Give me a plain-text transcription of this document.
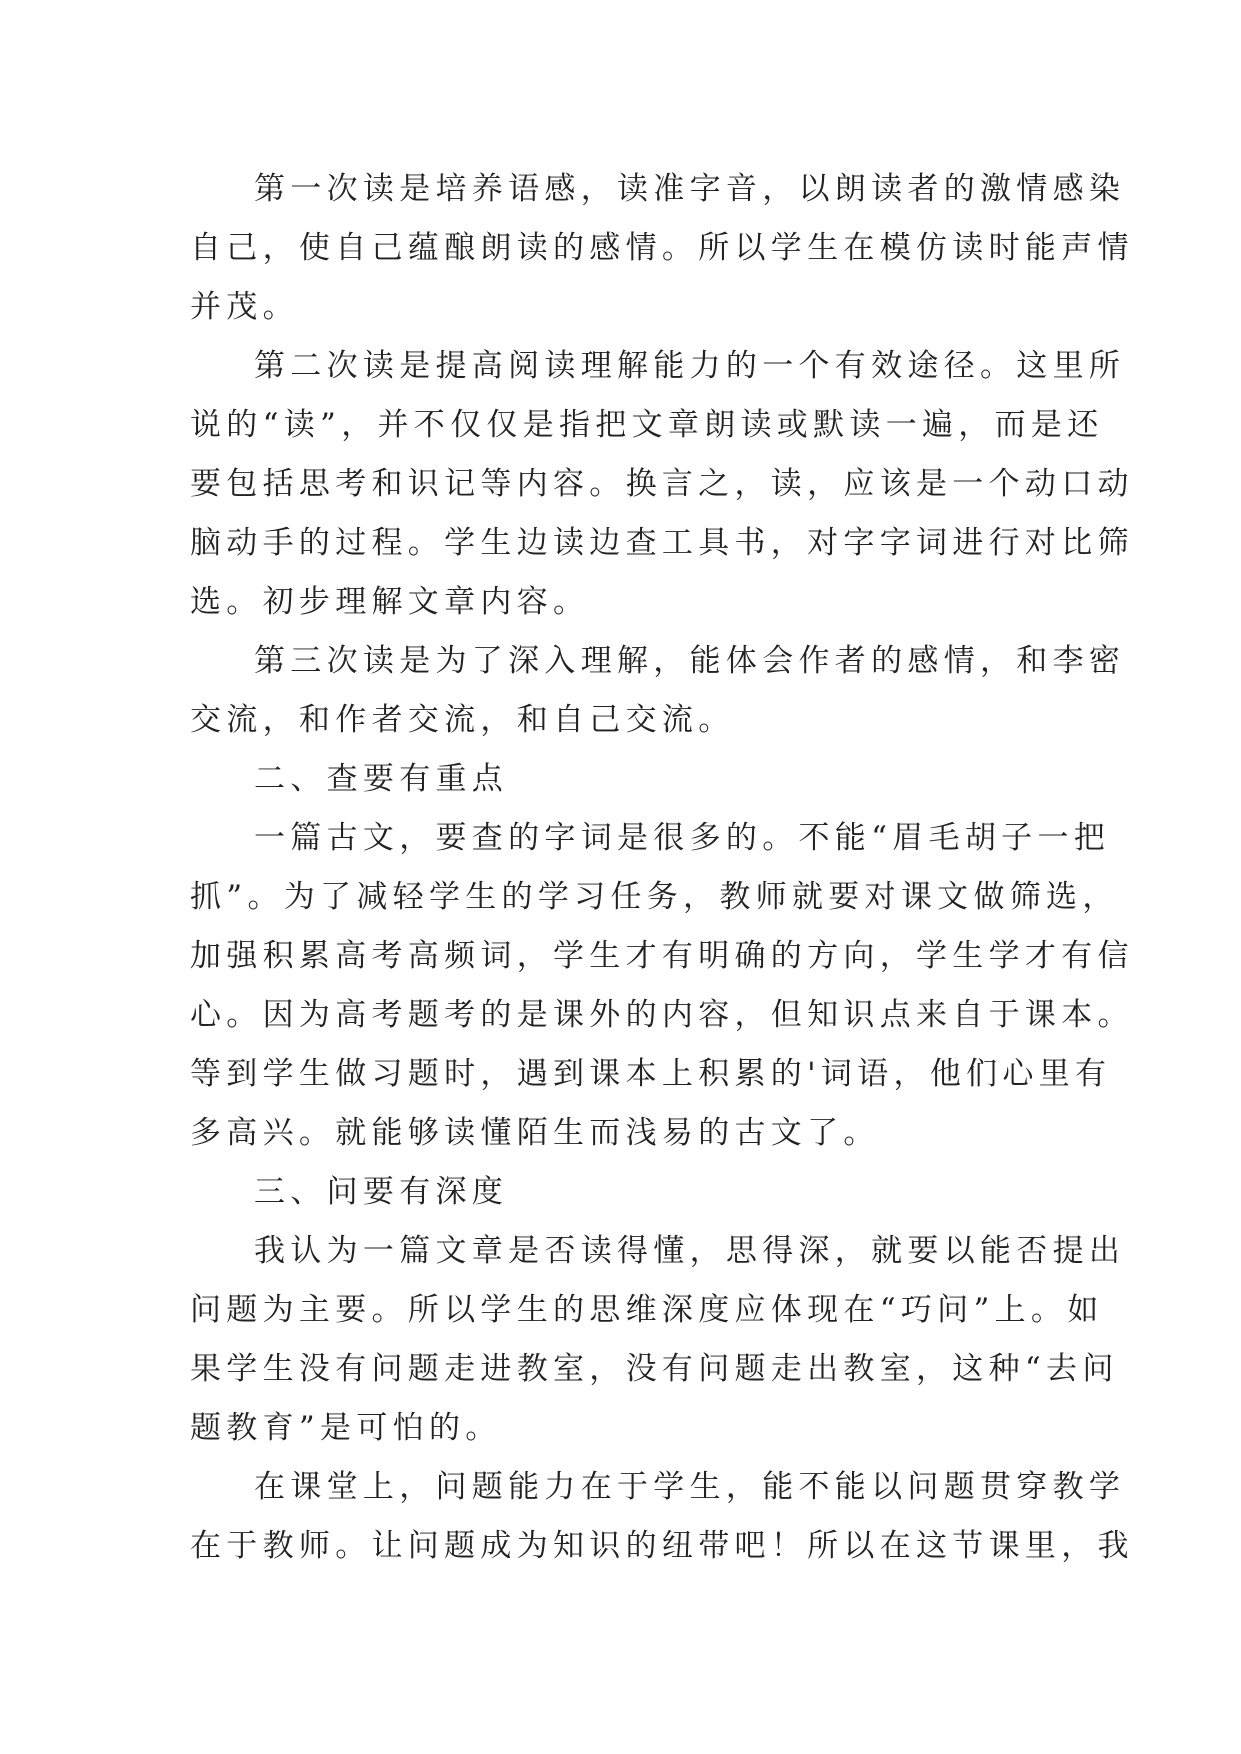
第一次读是培养语感，读准字音，以朗读者的激情感染
自己，使自己蕴酿朗读的感情。所以学生在模仿读时能声情
并茂。
第二次读是提高阅读理解能力的一个有效途径。这里所
说的“读”，并不仅仅是指把文章朗读或默读一遍，而是还
要包括思考和识记等内容。换言之，读，应该是一个动口动
脑动手的过程。学生边读边查工具书，对字字词进行对比筛
选。初步理解文章内容。
第三次读是为了深入理解，能体会作者的感情，和李密
交流，和作者交流，和自己交流。
二、查要有重点
一篇古文，要查的字词是很多的。不能“眉毛胡子一把
抓”。为了减轻学生的学习任务，教师就要对课文做筛选，
加强积累高考高频词，学生才有明确的方向，学生学才有信
心。因为高考题考的是课外的内容，但知识点来自于课本。
等到学生做习题时，遇到课本上积累的'词语，他们心里有
多高兴。就能够读懂陌生而浅易的古文了。
三、问要有深度
我认为一篇文章是否读得懂，思得深，就要以能否提出
问题为主要。所以学生的思维深度应体现在“巧问”上。如
果学生没有问题走进教室，没有问题走出教室，这种“去问
题教育”是可怕的。
在课堂上，问题能力在于学生，能不能以问题贯穿教学
在于教师。让问题成为知识的纽带吧！所以在这节课里，我
